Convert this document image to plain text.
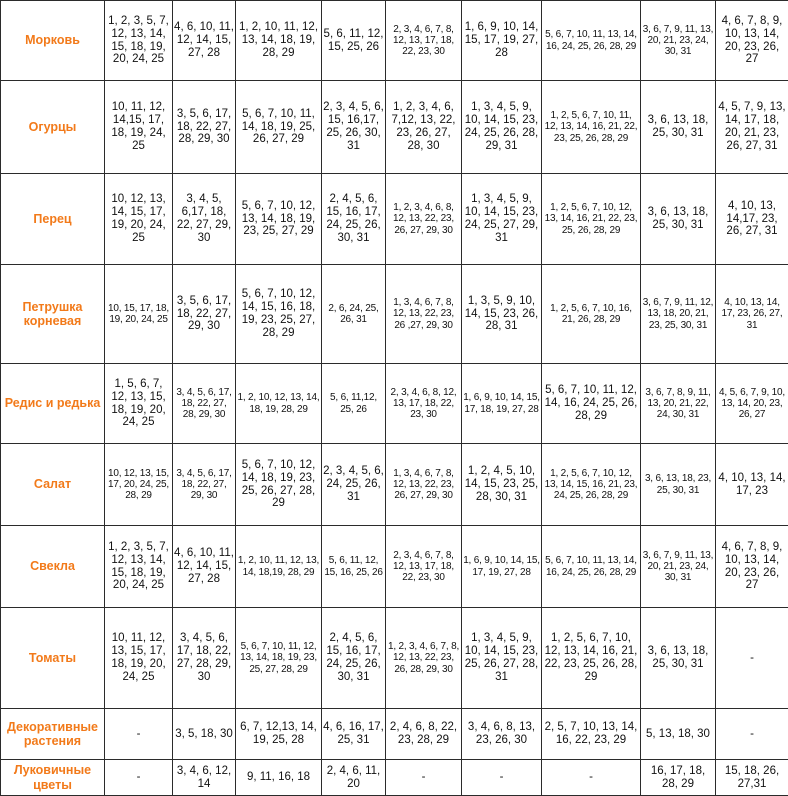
Морковь	1, 2, 3, 5, 7, 12, 13, 14, 15, 18, 19, 20, 24, 25	4, 6, 10, 11, 12, 14, 15, 27, 28	1, 2, 10, 11, 12, 13, 14, 18, 19, 28, 29	5, 6, 11, 12, 15, 25, 26	2, 3, 4, 6, 7, 8, 12, 13, 17, 18, 22, 23, 30	1, 6, 9, 10, 14, 15, 17, 19, 27, 28	5, 6, 7, 10, 11, 13, 14, 16, 24, 25, 26, 28, 29	3, 6, 7, 9, 11, 13, 20, 21, 23, 24, 30, 31	4, 6, 7, 8, 9, 10, 13, 14, 20, 23, 26, 27
Огурцы	10, 11, 12, 14,15, 17, 18, 19, 24, 25	3, 5, 6, 17, 18, 22, 27, 28, 29, 30	5, 6, 7, 10, 11, 14, 18, 19, 25, 26, 27, 29	2, 3, 4, 5, 6, 15, 16,17, 25, 26, 30, 31	1, 2, 3, 4, 6, 7,12, 13, 22, 23, 26, 27, 28, 30	1, 3, 4, 5, 9, 10, 14, 15, 23, 24, 25, 26, 28, 29, 31	1, 2, 5, 6, 7, 10, 11, 12, 13, 14, 16, 21, 22, 23, 25, 26, 28, 29	3, 6, 13, 18, 25, 30, 31	4, 5, 7, 9, 13, 14, 17, 18, 20, 21, 23, 26, 27, 31
Перец	10, 12, 13, 14, 15, 17, 19, 20, 24, 25	3, 4, 5, 6,17, 18, 22, 27, 29, 30	5, 6, 7, 10, 12, 13, 14, 18, 19, 23, 25, 27, 29	2, 4, 5, 6, 15, 16, 17, 24, 25, 26, 30, 31	1, 2, 3, 4, 6, 8, 12, 13, 22, 23, 26, 27, 29, 30	1, 3, 4, 5, 9, 10, 14, 15, 23, 24, 25, 27, 29, 31	1, 2, 5, 6, 7, 10, 12, 13, 14, 16, 21, 22, 23, 25, 26, 28, 29	3, 6, 13, 18, 25, 30, 31	4, 10, 13, 14,17, 23, 26, 27, 31
Петрушка корневая	10, 15, 17, 18, 19, 20, 24, 25	3, 5, 6, 17, 18, 22, 27, 29, 30	5, 6, 7, 10, 12, 14, 15, 16, 18, 19, 23, 25, 27, 28, 29	2, 6, 24, 25, 26, 31	1, 3, 4, 6, 7, 8, 12, 13, 22, 23, 26 ,27, 29, 30	1, 3, 5, 9, 10, 14, 15, 23, 26, 28, 31	1, 2, 5, 6, 7, 10, 16, 21, 26, 28, 29	3, 6, 7, 9, 11, 12, 13, 18, 20, 21, 23, 25, 30, 31	4, 10, 13, 14, 17, 23, 26, 27, 31
Редис и редька	1, 5, 6, 7, 12, 13, 15, 18, 19, 20, 24, 25	3, 4, 5, 6, 17, 18, 22, 27, 28, 29, 30	1, 2, 10, 12, 13, 14, 18, 19, 28, 29	5, 6, 11,12, 25, 26	2, 3, 4, 6, 8, 12, 13, 17, 18, 22, 23, 30	1, 6, 9, 10, 14, 15, 17, 18, 19, 27, 28	5, 6, 7, 10, 11, 12, 14, 16, 24, 25, 26, 28, 29	3, 6, 7, 8, 9, 11, 13, 20, 21, 22, 24, 30, 31	4, 5, 6, 7, 9, 10, 13, 14, 20, 23, 26, 27
Салат	10, 12, 13, 15, 17, 20, 24, 25, 28, 29	3, 4, 5, 6, 17, 18, 22, 27, 29, 30	5, 6, 7, 10, 12, 14, 18, 19, 23, 25, 26, 27, 28, 29	2, 3, 4, 5, 6, 24, 25, 26, 31	1, 3, 4, 6, 7, 8, 12, 13, 22, 23, 26, 27, 29, 30	1, 2, 4, 5, 10, 14, 15, 23, 25, 28, 30, 31	1, 2, 5, 6, 7, 10, 12, 13, 14, 15, 16, 21, 23, 24, 25, 26, 28, 29	3, 6, 13, 18, 23, 25, 30, 31	4, 10, 13, 14, 17, 23
Свекла	1, 2, 3, 5, 7, 12, 13, 14, 15, 18, 19, 20, 24, 25	4, 6, 10, 11, 12, 14, 15, 27, 28	1, 2, 10, 11, 12, 13, 14, 18,19, 28, 29	5, 6, 11, 12, 15, 16, 25, 26	2, 3, 4, 6, 7, 8, 12, 13, 17, 18, 22, 23, 30	1, 6, 9, 10, 14, 15, 17, 19, 27, 28	5, 6, 7, 10, 11, 13, 14, 16, 24, 25, 26, 28, 29	3, 6, 7, 9, 11, 13, 20, 21, 23, 24, 30, 31	4, 6, 7, 8, 9, 10, 13, 14, 20, 23, 26, 27
Томаты	10, 11, 12, 13, 15, 17, 18, 19, 20, 24, 25	3, 4, 5, 6, 17, 18, 22, 27, 28, 29, 30	5, 6, 7, 10, 11, 12, 13, 14, 18, 19, 23, 25, 27, 28, 29	2, 4, 5, 6, 15, 16, 17, 24, 25, 26, 30, 31	1, 2, 3, 4, 6, 7, 8, 12, 13, 22, 23, 26, 28, 29, 30	1, 3, 4, 5, 9, 10, 14, 15, 23, 25, 26, 27, 28, 31	1, 2, 5, 6, 7, 10, 12, 13, 14, 16, 21, 22, 23, 25, 26, 28, 29	3, 6, 13, 18, 25, 30, 31	-
Декоративные растения	-	3, 5, 18, 30	6, 7, 12,13, 14, 19, 25, 28	4, 6, 16, 17, 25, 31	2, 4, 6, 8, 22, 23, 28, 29	3, 4, 6, 8, 13, 23, 26, 30	2, 5, 7, 10, 13, 14, 16, 22, 23, 29	5, 13, 18, 30	-
Луковичные цветы	-	3, 4, 6, 12, 14	9, 11, 16, 18	2, 4, 6, 11, 20	-	-	-	16, 17, 18, 28, 29	15, 18, 26, 27,31
